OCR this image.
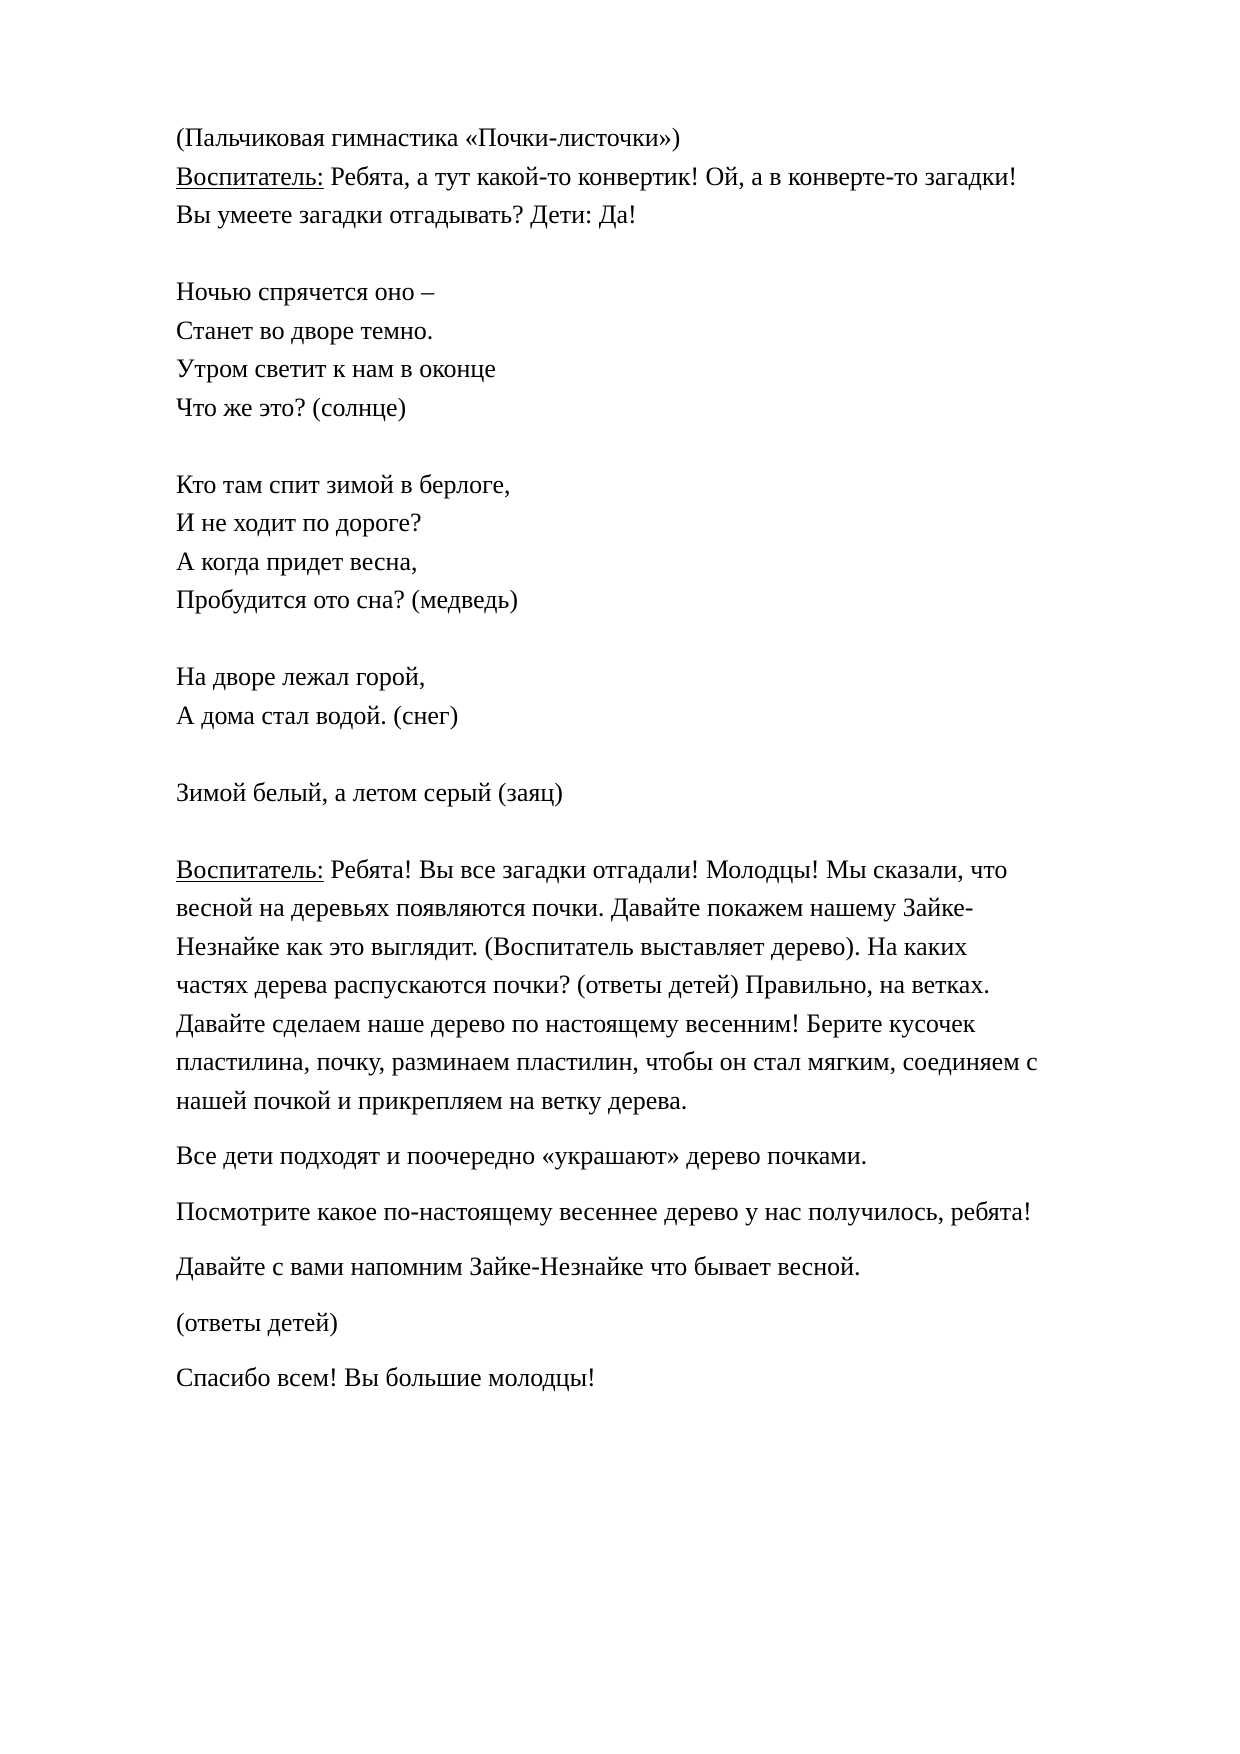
(Пальчиковая гимнастика «Почки-листочки»)
Воспитатель: Ребята, а тут какой-то конвертик! Ой, а в конверте-то загадки!
Вы умеете загадки отгадывать? Дети: Да!
Ночью спрячется оно –
Станет во дворе темно.
Утром светит к нам в оконце
Что же это? (солнце)
Кто там спит зимой в берлоге,
И не ходит по дороге?
А когда придет весна,
Пробудится ото сна? (медведь)
На дворе лежал горой,
А дома стал водой. (снег)
Зимой белый, а летом серый (заяц)
Воспитатель: Ребята! Вы все загадки отгадали! Молодцы! Мы сказали, что
весной на деревьях появляются почки. Давайте покажем нашему Зайке-
Незнайке как это выглядит. (Воспитатель выставляет дерево). На каких
частях дерева распускаются почки? (ответы детей) Правильно, на ветках.
Давайте сделаем наше дерево по настоящему весенним! Берите кусочек
пластилина, почку, разминаем пластилин, чтобы он стал мягким, соединяем с
нашей почкой и прикрепляем на ветку дерева.
Все дети подходят и поочередно «украшают» дерево почками.
Посмотрите какое по-настоящему весеннее дерево у нас получилось, ребята!
Давайте с вами напомним Зайке-Незнайке что бывает весной.
(ответы детей)
Спасибо всем! Вы большие молодцы!
